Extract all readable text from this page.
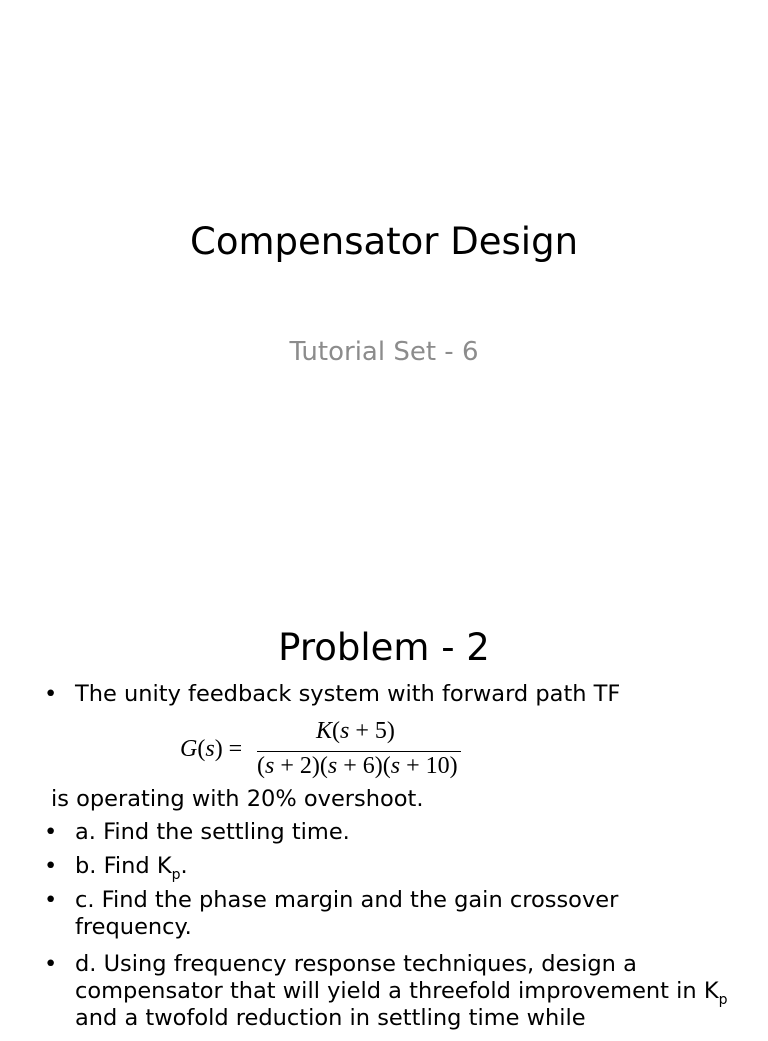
Compensator Design
Tutorial Set - 6
Problem - 2
• The unity feedback system with forward path TF
G(s) =
K(s + 5)
(s + 2)(s + 6)(s + 10)
is operating with 20% overshoot.
• a. Find the settling time.
• b. Find $K_p$.
• c. Find the phase margin and the gain crossover frequency.
• d. Using frequency response techniques, design a compensator that will yield a threefold improvement in $K_p$ and a twofold reduction in settling time while
